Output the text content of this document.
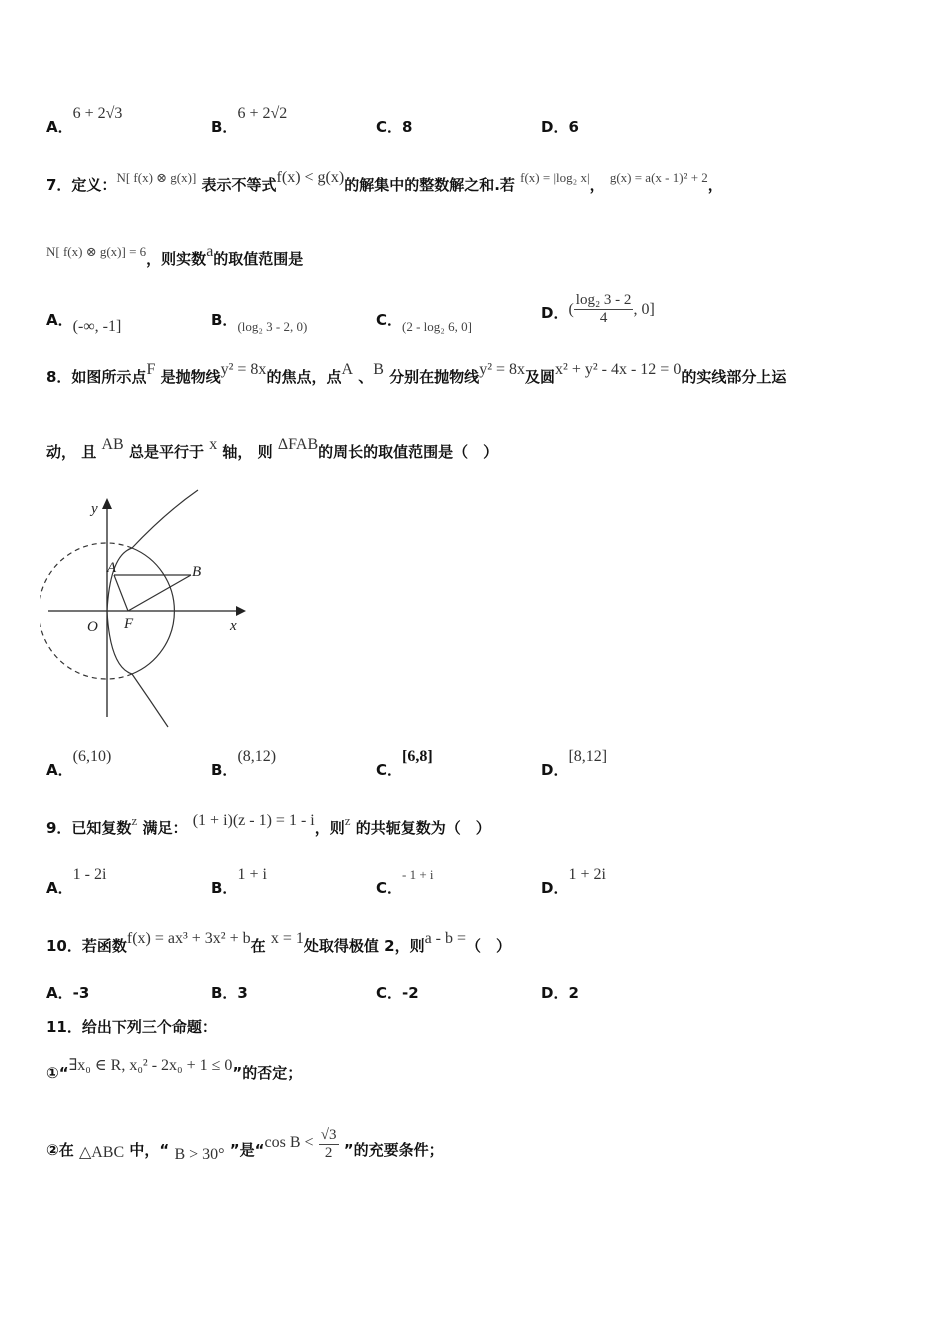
A．6 + 2√3
B．6 + 2√2
C．8	D．6
7．定义：N[ f(x) ⊗ g(x)] 表示不等式f(x) < g(x)的解集中的整数解之和.若 f(x) = |log₂ x|， g(x) = a(x - 1)² + 2，
N[ f(x) ⊗ g(x)] = 6，则实数a的取值范围是
A．(-∞, -1]	B．(log₂ 3 - 2, 0)	C．(2 - log₂ 6, 0]
D．( $\frac{\text{log₂ 3 - 2}}{4}$ , 0]
8．如图所示点F 是抛物线y² = 8x的焦点，点A 、B 分别在抛物线y² = 8x及圆x² + y² - 4x - 12 = 0的实线部分上运
动， 且 AB 总是平行于 x 轴， 则 ΔFAB的周长的取值范围是（　）
y
x
O F
A	B
A．(6,10)
B．(8,12)
C．[6,8]
D．[8,12]
9．已知复数z 满足： (1 + i)(z - 1) = 1 - i，则z 的共轭复数为（　）
A．1 - 2i
B．1 + i
C．- 1 + i
D．1 + 2i
10．若函数f(x) = ax³ + 3x² + b在 x = 1处取得极值 2，则a - b =（　）
A．-3	B．3	C．-2	D．2
11．给出下列三个命题：
①“∃x₀ ∈ R, x₀² - 2x₀ + 1 ≤ 0”的否定；
②在 △ABC 中，“ B > 30° ”是“cos $B < \frac{√3}{2}$ ”的充要条件；
